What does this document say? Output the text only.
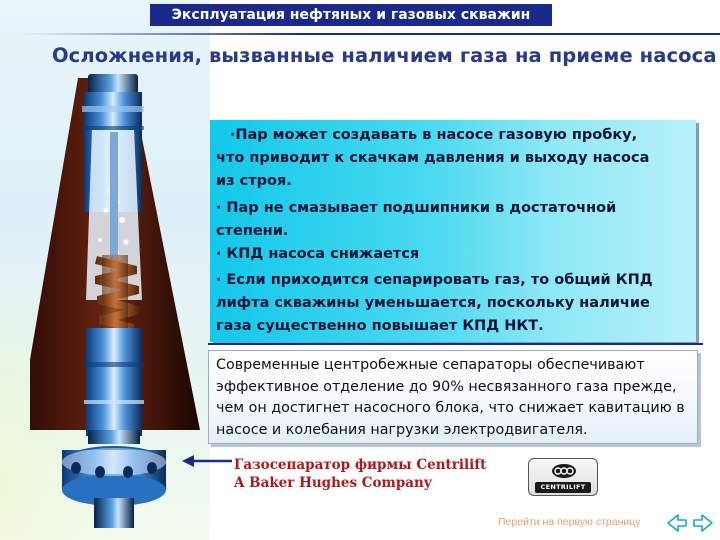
Эксплуатация нефтяных и газовых скважин
Осложнения, вызванные наличием газа на приеме насоса
·Пар может создавать в насосе газовую пробку,
что приводит к скачкам давления и выходу насоса
из строя.
· Пар не смазывает подшипники в достаточной
степени.
· КПД насоса снижается
· Если приходится сепарировать газ, то общий КПД
лифта скважины уменьшается, поскольку наличие
газа существенно повышает КПД НКТ.
Современные центробежные сепараторы обеспечивают
эффективное отделение до 90% несвязанного газа прежде,
чем он достигнет насосного блока, что снижает кавитацию в
насосе и колебания нагрузки электродвигателя.
Газосепаратор фирмы Centrilift
A Baker Hughes Company	CENTRILIFT
Перейти на первую страницу
